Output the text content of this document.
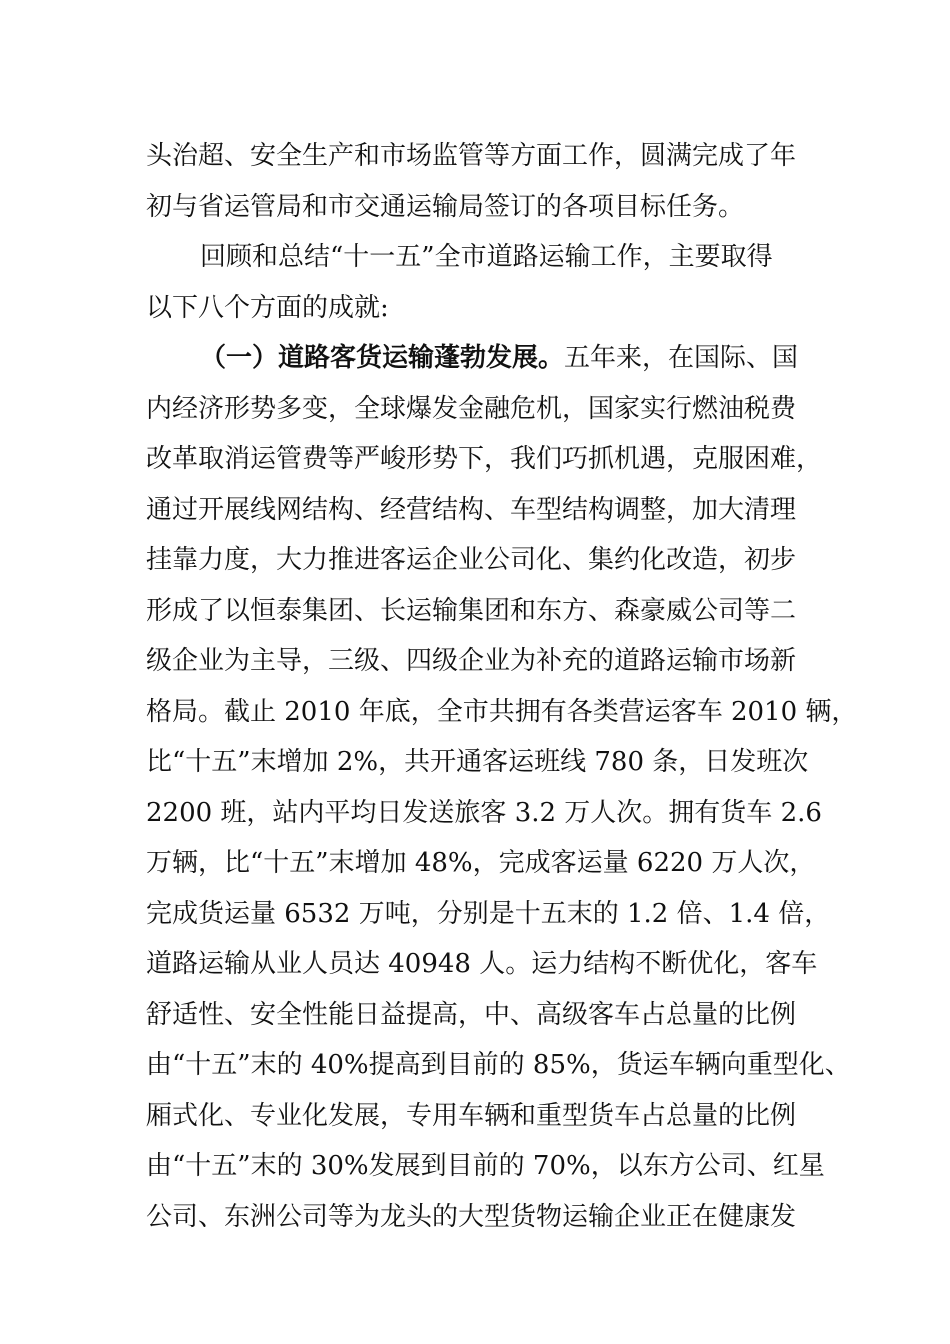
头治超、安全生产和市场监管等方面工作，圆满完成了年
初与省运管局和市交通运输局签订的各项目标任务。
回顾和总结“十一五”全市道路运输工作，主要取得
以下八个方面的成就:
（一）道路客货运输蓬勃发展。五年来，在国际、国
内经济形势多变，全球爆发金融危机，国家实行燃油税费
改革取消运管费等严峻形势下，我们巧抓机遇，克服困难，
通过开展线网结构、经营结构、车型结构调整，加大清理
挂靠力度，大力推进客运企业公司化、集约化改造，初步
形成了以恒泰集团、长运输集团和东方、森豪威公司等二
级企业为主导，三级、四级企业为补充的道路运输市场新
格局。截止 2010 年底，全市共拥有各类营运客车 2010 辆，
比“十五”末增加 2%，共开通客运班线 780 条，日发班次
2200 班，站内平均日发送旅客 3.2 万人次。拥有货车 2.6
万辆，比“十五”末增加 48%，完成客运量 6220 万人次，
完成货运量 6532 万吨，分别是十五末的 1.2 倍、1.4 倍，
道路运输从业人员达 40948 人。运力结构不断优化，客车
舒适性、安全性能日益提高，中、高级客车占总量的比例
由“十五”末的 40%提高到目前的 85%，货运车辆向重型化、
厢式化、专业化发展，专用车辆和重型货车占总量的比例
由“十五”末的 30%发展到目前的 70%，以东方公司、红星
公司、东洲公司等为龙头的大型货物运输企业正在健康发
